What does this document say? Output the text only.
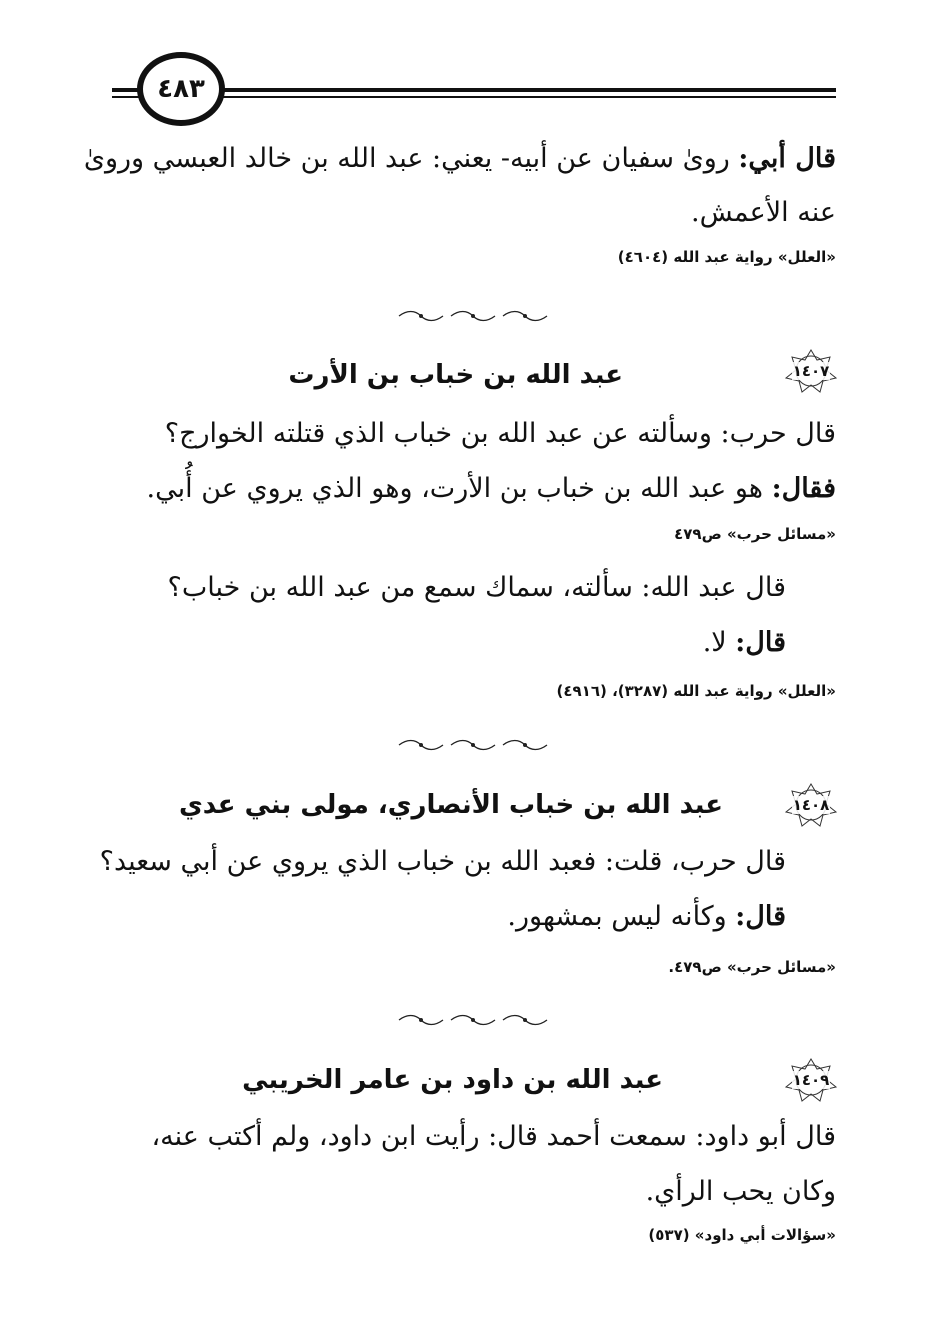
٤٨٣
قال أبي: روىٰ سفيان عن أبيه- يعني: عبد الله بن خالد العبسي وروىٰ
عنه الأعمش.
«العلل» رواية عبد الله (٤٦٠٤)
١٤٠٧
عبد الله بن خباب بن الأرت
قال حرب: وسألته عن عبد الله بن خباب الذي قتلته الخوارج؟
فقال: هو عبد الله بن خباب بن الأرت، وهو الذي يروي عن أُبي.
«مسائل حرب» ص٤٧٩
قال عبد الله: سألته، سماك سمع من عبد الله بن خباب؟
قال: لا.
«العلل» رواية عبد الله (٣٢٨٧)، (٤٩١٦)
١٤٠٨
عبد الله بن خباب الأنصاري، مولى بني عدي
قال حرب، قلت: فعبد الله بن خباب الذي يروي عن أبي سعيد؟
قال: وكأنه ليس بمشهور.
«مسائل حرب» ص٤٧٩.
١٤٠٩
عبد الله بن داود بن عامر الخريبي
قال أبو داود: سمعت أحمد قال: رأيت ابن داود، ولم أكتب عنه،
وكان يحب الرأي.
«سؤالات أبي داود» (٥٣٧)
